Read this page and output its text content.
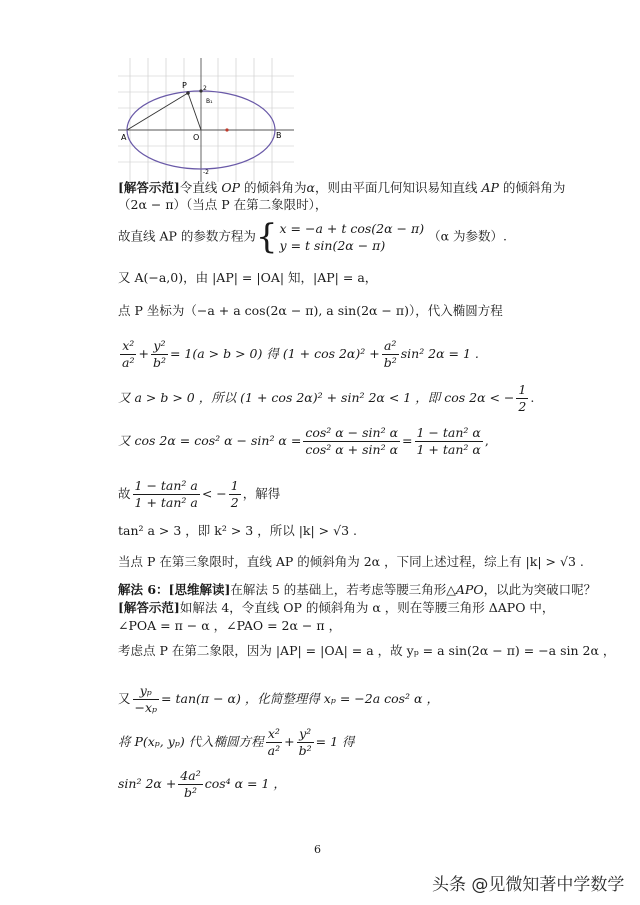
P
B₁
A	O	B
2
-2
[解答示范]令直线 OP 的倾斜角为α，则由平面几何知识易知直线 AP 的倾斜角为
（2α − π）（当点 P 在第二象限时），
故直线 AP 的参数方程为{ x = −a + t cos(2α − π)
y = t sin(2α − π)
（α 为参数）.
又 A(−a,0)，由 |AP| = |OA| 知，|AP| = a，
点 P 坐标为（−a + a cos(2α − π), a sin(2α − π)），代入椭圆方程
$\frac{\text{x²}}{\text{a²}} + \frac{\text{y²}}{\text{b²}} = 1(a > b > 0)$ 得 $(1 + \cos 2\alpha)^2 + \frac{\text{a²}}{\text{b²}} \sin^2$ 2α = 1 .
又 a > b > 0 ，所以 (1 + cos 2α)² + sin² 2α < 1 ，即 cos 2α < − $\frac{1}{2}$ .
又 cos 2α = cos² α − sin² $\alpha = \frac{\text{cos² α − sin² α}}{\text{cos² α + sin² α}} = \frac{\text{1 − tan² α}}{\text{1 + tan² α}}$ ,
故 $\frac{\text{1 − tan² a}}{\text{1 + tan² a}}$ < − $\frac{1}{2}$ ，解得
tan² a > 3 ，即 k² > 3 ，所以 |k| > √3 .
当点 P 在第三象限时，直线 AP 的倾斜角为 2α ，下同上述过程，综上有 |k| > √3 .
解法 6：[思维解读]在解法 5 的基础上，若考虑等腰三角形△APO，以此为突破口呢？
[解答示范]如解法 4，令直线 OP 的倾斜角为 α ，则在等腰三角形 ΔAPO 中，
∠POA = π − α ，∠PAO = 2α − π ，
考虑点 P 在第二象限，因为 |AP| = |OA| = a ，故 yₚ = a sin(2α − π) = −a sin 2α ，
又 $\frac{\text{yₚ}}{\text{−xₚ}} = \tan(\pi - \alpha)$ ，化简整理得 xₚ = −2a cos² α ，
将 P(xₚ, yₚ) 代入椭圆方程 $\frac{\text{x²}}{\text{a²}} + \frac{\text{y²}}{\text{b²}} = 1$ 得
sin² $2\alpha + \frac{\text{4a²}}{\text{b²}} \cos^4$ α = 1 ，
6
头条 @见微知著中学数学
